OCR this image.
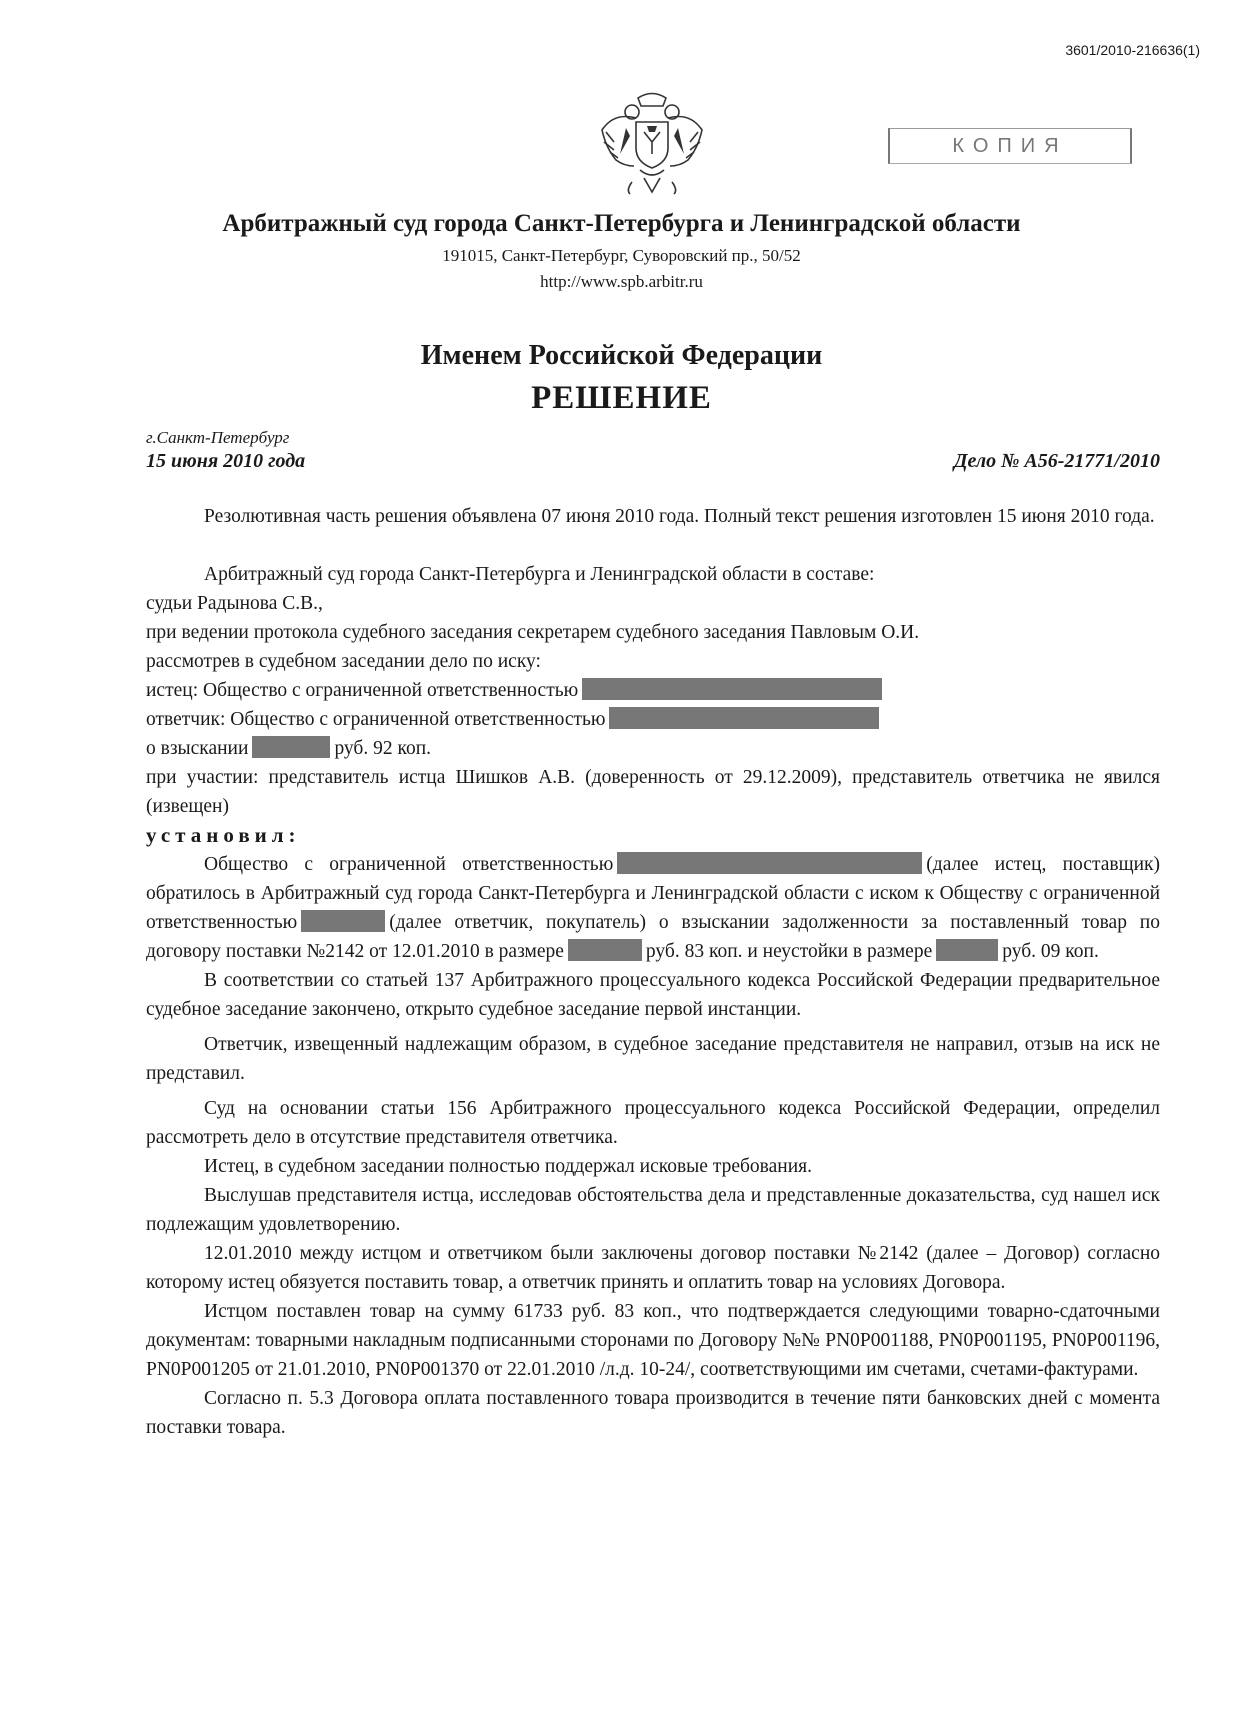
3601/2010-216636(1)
КОПИЯ
Арбитражный суд города Санкт-Петербурга и Ленинградской области
191015, Санкт-Петербург, Суворовский пр., 50/52
http://www.spb.arbitr.ru
Именем Российской Федерации
РЕШЕНИЕ
г.Санкт-Петербург
15 июня 2010 года	Дело № А56-21771/2010

Резолютивная часть решения объявлена 07 июня 2010 года. Полный текст решения изготовлен 15 июня 2010 года.

Арбитражный суд города Санкт-Петербурга и Ленинградской области в составе:

судьи Радынова С.В.,

при ведении протокола судебного заседания секретарем судебного заседания Павловым О.И.

рассмотрев в судебном заседании дело по иску:

истец: Общество с ограниченной ответственностью

ответчик: Общество с ограниченной ответственностью

о взыскании	руб. 92 коп.

при участии: представитель истца Шишков А.В. (доверенность от 29.12.2009), представитель ответчика не явился (извещен)

установил:

Общество с ограниченной ответственностью	(далее истец, поставщик) обратилось в Арбитражный суд города Санкт-Петербурга и Ленинградской области с иском к Обществу с ограниченной ответственностью	(далее ответчик, покупатель) о взыскании задолженности за поставленный товар по договору поставки №2142 от 12.01.2010 в размере	руб. 83 коп. и неустойки в размере	руб. 09 коп.

В соответствии со статьей 137 Арбитражного процессуального кодекса Российской Федерации предварительное судебное заседание закончено, открыто судебное заседание первой инстанции.

Ответчик, извещенный надлежащим образом, в судебное заседание представителя не направил, отзыв на иск не представил.

Суд на основании статьи 156 Арбитражного процессуального кодекса Российской Федерации, определил рассмотреть дело в отсутствие представителя ответчика.

Истец, в судебном заседании полностью поддержал исковые требования.

Выслушав представителя истца, исследовав обстоятельства дела и представленные доказательства, суд нашел иск подлежащим удовлетворению.

12.01.2010 между истцом и ответчиком были заключены договор поставки №2142 (далее – Договор) согласно которому истец обязуется поставить товар, а ответчик принять и оплатить товар на условиях Договора.

Истцом поставлен товар на сумму 61733 руб. 83 коп., что подтверждается следующими товарно-сдаточными документам: товарными накладным подписанными сторонами по Договору №№ PN0P001188, PN0P001195, PN0P001196, PN0P001205 от 21.01.2010, PN0P001370 от 22.01.2010 /л.д. 10-24/, соответствующими им счетами, счетами-фактурами.

Согласно п. 5.3 Договора оплата поставленного товара производится в течение пяти банковских дней с момента поставки товара.
